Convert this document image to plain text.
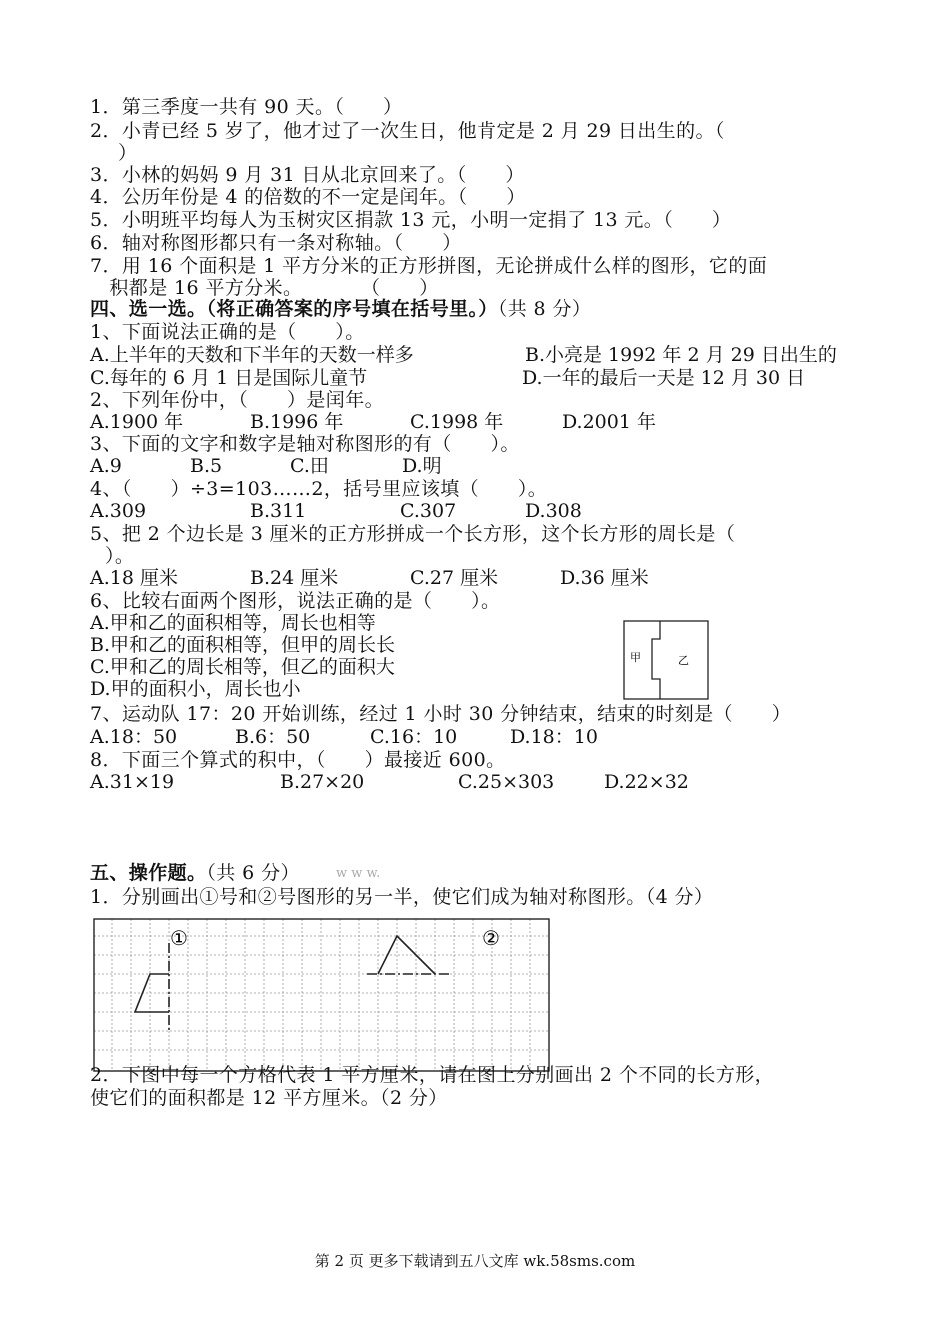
1．第三季度一共有 90 天。（　　）
2．小青已经 5 岁了，他才过了一次生日，他肯定是 2 月 29 日出生的。（
）
3．小林的妈妈 9 月 31 日从北京回来了。（　　）
4．公历年份是 4 的倍数的不一定是闰年。（　　）
5．小明班平均每人为玉树灾区捐款 13 元，小明一定捐了 13 元。（　　）
6．轴对称图形都只有一条对称轴。（　　）
7．用 16 个面积是 1 平方分米的正方形拼图，无论拼成什么样的图形，它的面
　积都是 16 平方分米。　　　　（　　）
四、选一选。（将正确答案的序号填在括号里。）（共 8 分）
1、下面说法正确的是（　　）。
A.上半年的天数和下半年的天数一样多	B.小亮是 1992 年 2 月 29 日出生的
C.每年的 6 月 1 日是国际儿童节	D.一年的最后一天是 12 月 30 日
2、下列年份中，（　　）是闰年。
A.1900 年	B.1996 年	C.1998 年	D.2001 年
3、下面的文字和数字是轴对称图形的有（　　）。
A.9	B.5	C.田	D.明
4、（　　）÷3=103……2，括号里应该填（　　）。
A.309	B.311	C.307	D.308
5、把 2 个边长是 3 厘米的正方形拼成一个长方形，这个长方形的周长是（
）。
A.18 厘米	B.24 厘米	C.27 厘米	D.36 厘米
6、比较右面两个图形，说法正确的是（　　）。
A.甲和乙的面积相等，周长也相等
B.甲和乙的面积相等，但甲的周长长
C.甲和乙的周长相等，但乙的面积大
D.甲的面积小，周长也小
甲	乙
7、运动队 17：20 开始训练，经过 1 小时 30 分钟结束，结束的时刻是（　　）
A.18：50	B.6：50	C.16：10	D.18：10
8．下面三个算式的积中，（　　）最接近 600。
A.31×19	B.27×20	C.25×303	D.22×32
五、操作题。（共 6 分）	w w w.
1．分别画出①号和②号图形的另一半，使它们成为轴对称图形。（4 分）
①	②
2．下图中每一个方格代表 1 平方厘米，请在图上分别画出 2 个不同的长方形，
使它们的面积都是 12 平方厘米。（2 分）
第 2 页 更多下载请到五八文库 wk.58sms.com
